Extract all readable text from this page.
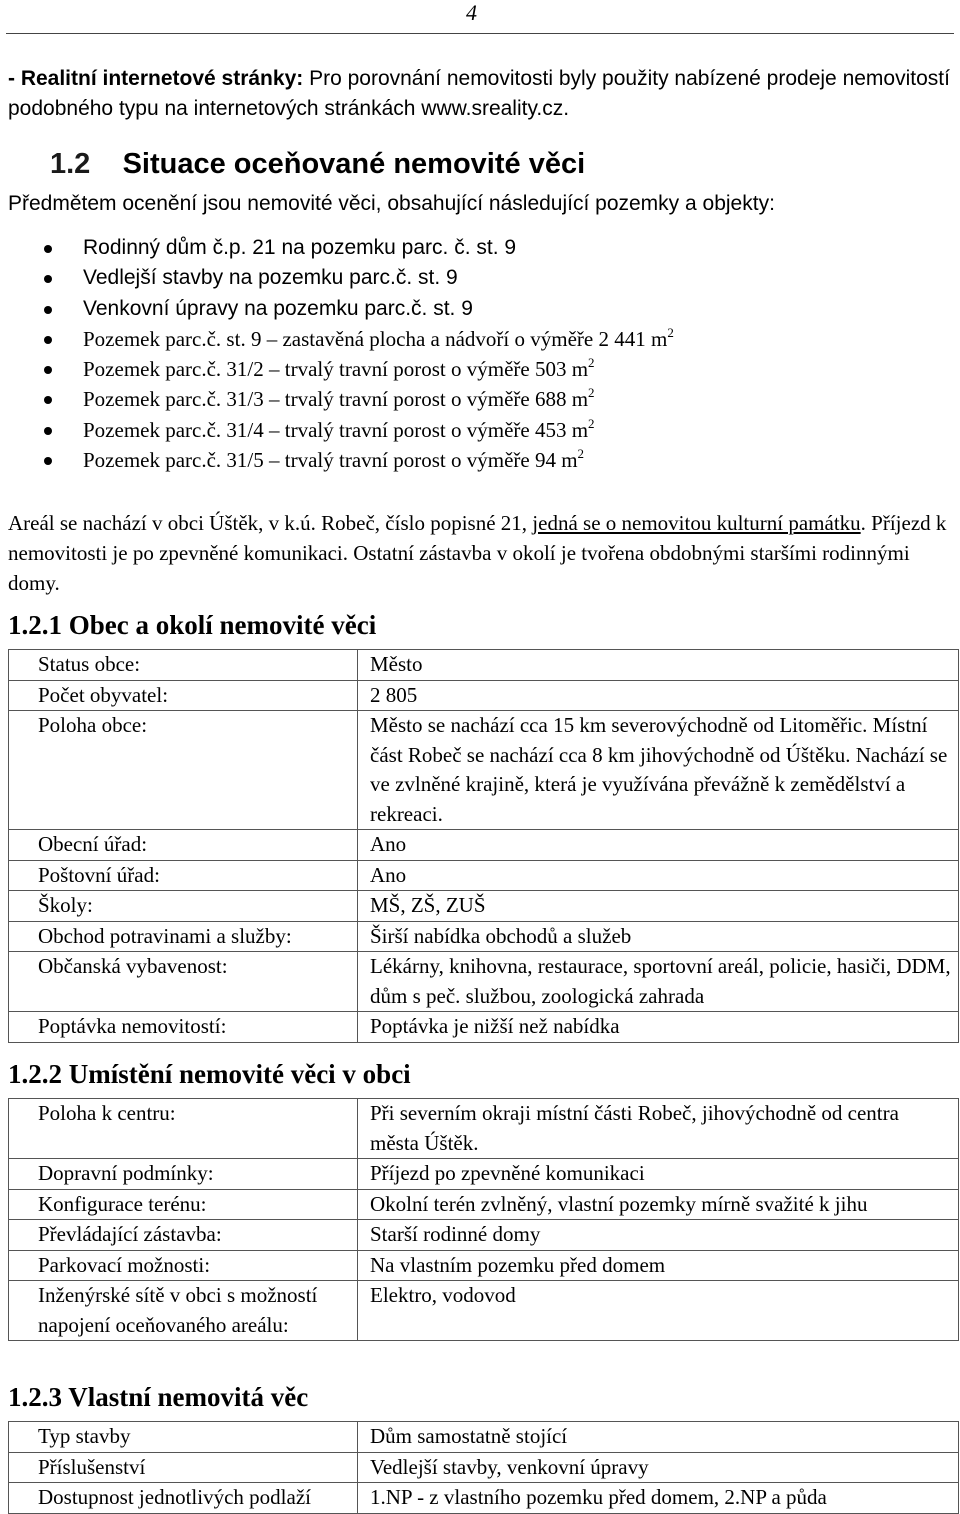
4
- Realitní internetové stránky: Pro porovnání nemovitosti byly použity nabízené prodeje nemovitostí podobného typu na internetových stránkách www.sreality.cz.
1.2 Situace oceňované nemovité věci
Předmětem ocenění jsou nemovité věci, obsahující následující pozemky a objekty:
Rodinný dům č.p. 21 na pozemku parc. č. st. 9
Vedlejší stavby na pozemku parc.č. st. 9
Venkovní úpravy na pozemku parc.č. st. 9
Pozemek parc.č. st. 9 – zastavěná plocha a nádvoří o výměře 2 441 $m^2$
Pozemek parc.č. 31/2 – trvalý travní porost o výměře 503 $m^2$
Pozemek parc.č. 31/3 – trvalý travní porost o výměře 688 $m^2$
Pozemek parc.č. 31/4 – trvalý travní porost o výměře 453 $m^2$
Pozemek parc.č. 31/5 – trvalý travní porost o výměře 94 $m^2$
Areál se nachází v obci Úštěk, v k.ú. Robeč, číslo popisné 21, jedná se o nemovitou kulturní památku. Příjezd k nemovitosti je po zpevněné komunikaci. Ostatní zástavba v okolí je tvořena obdobnými staršími rodinnými domy.
1.2.1 Obec a okolí nemovité věci
Status obce:	Město
Počet obyvatel:	2 805
Poloha obce:	Město se nachází cca 15 km severovýchodně od Litoměřic. Místní část Robeč se nachází cca 8 km jihovýchodně od Úštěku. Nachází se ve zvlněné krajině, která je využívána převážně k zemědělství a rekreaci.
Obecní úřad:	Ano
Poštovní úřad:	Ano
Školy:	MŠ, ZŠ, ZUŠ
Obchod potravinami a služby:	Širší nabídka obchodů a služeb
Občanská vybavenost:	Lékárny, knihovna, restaurace, sportovní areál, policie, hasiči, DDM, dům s peč. službou, zoologická zahrada
Poptávka nemovitostí:	Poptávka je nižší než nabídka
1.2.2 Umístění nemovité věci v obci
Poloha k centru:	Při severním okraji místní části Robeč, jihovýchodně od centra města Úštěk.
Dopravní podmínky:	Příjezd po zpevněné komunikaci
Konfigurace terénu:	Okolní terén zvlněný, vlastní pozemky mírně svažité k jihu
Převládající zástavba:	Starší rodinné domy
Parkovací možnosti:	Na vlastním pozemku před domem
Inženýrské sítě v obci s možností napojení oceňovaného areálu:	Elektro, vodovod
1.2.3 Vlastní nemovitá věc
Typ stavby	Dům samostatně stojící
Příslušenství	Vedlejší stavby, venkovní úpravy
Dostupnost jednotlivých podlaží	1.NP - z vlastního pozemku před domem, 2.NP a půda
